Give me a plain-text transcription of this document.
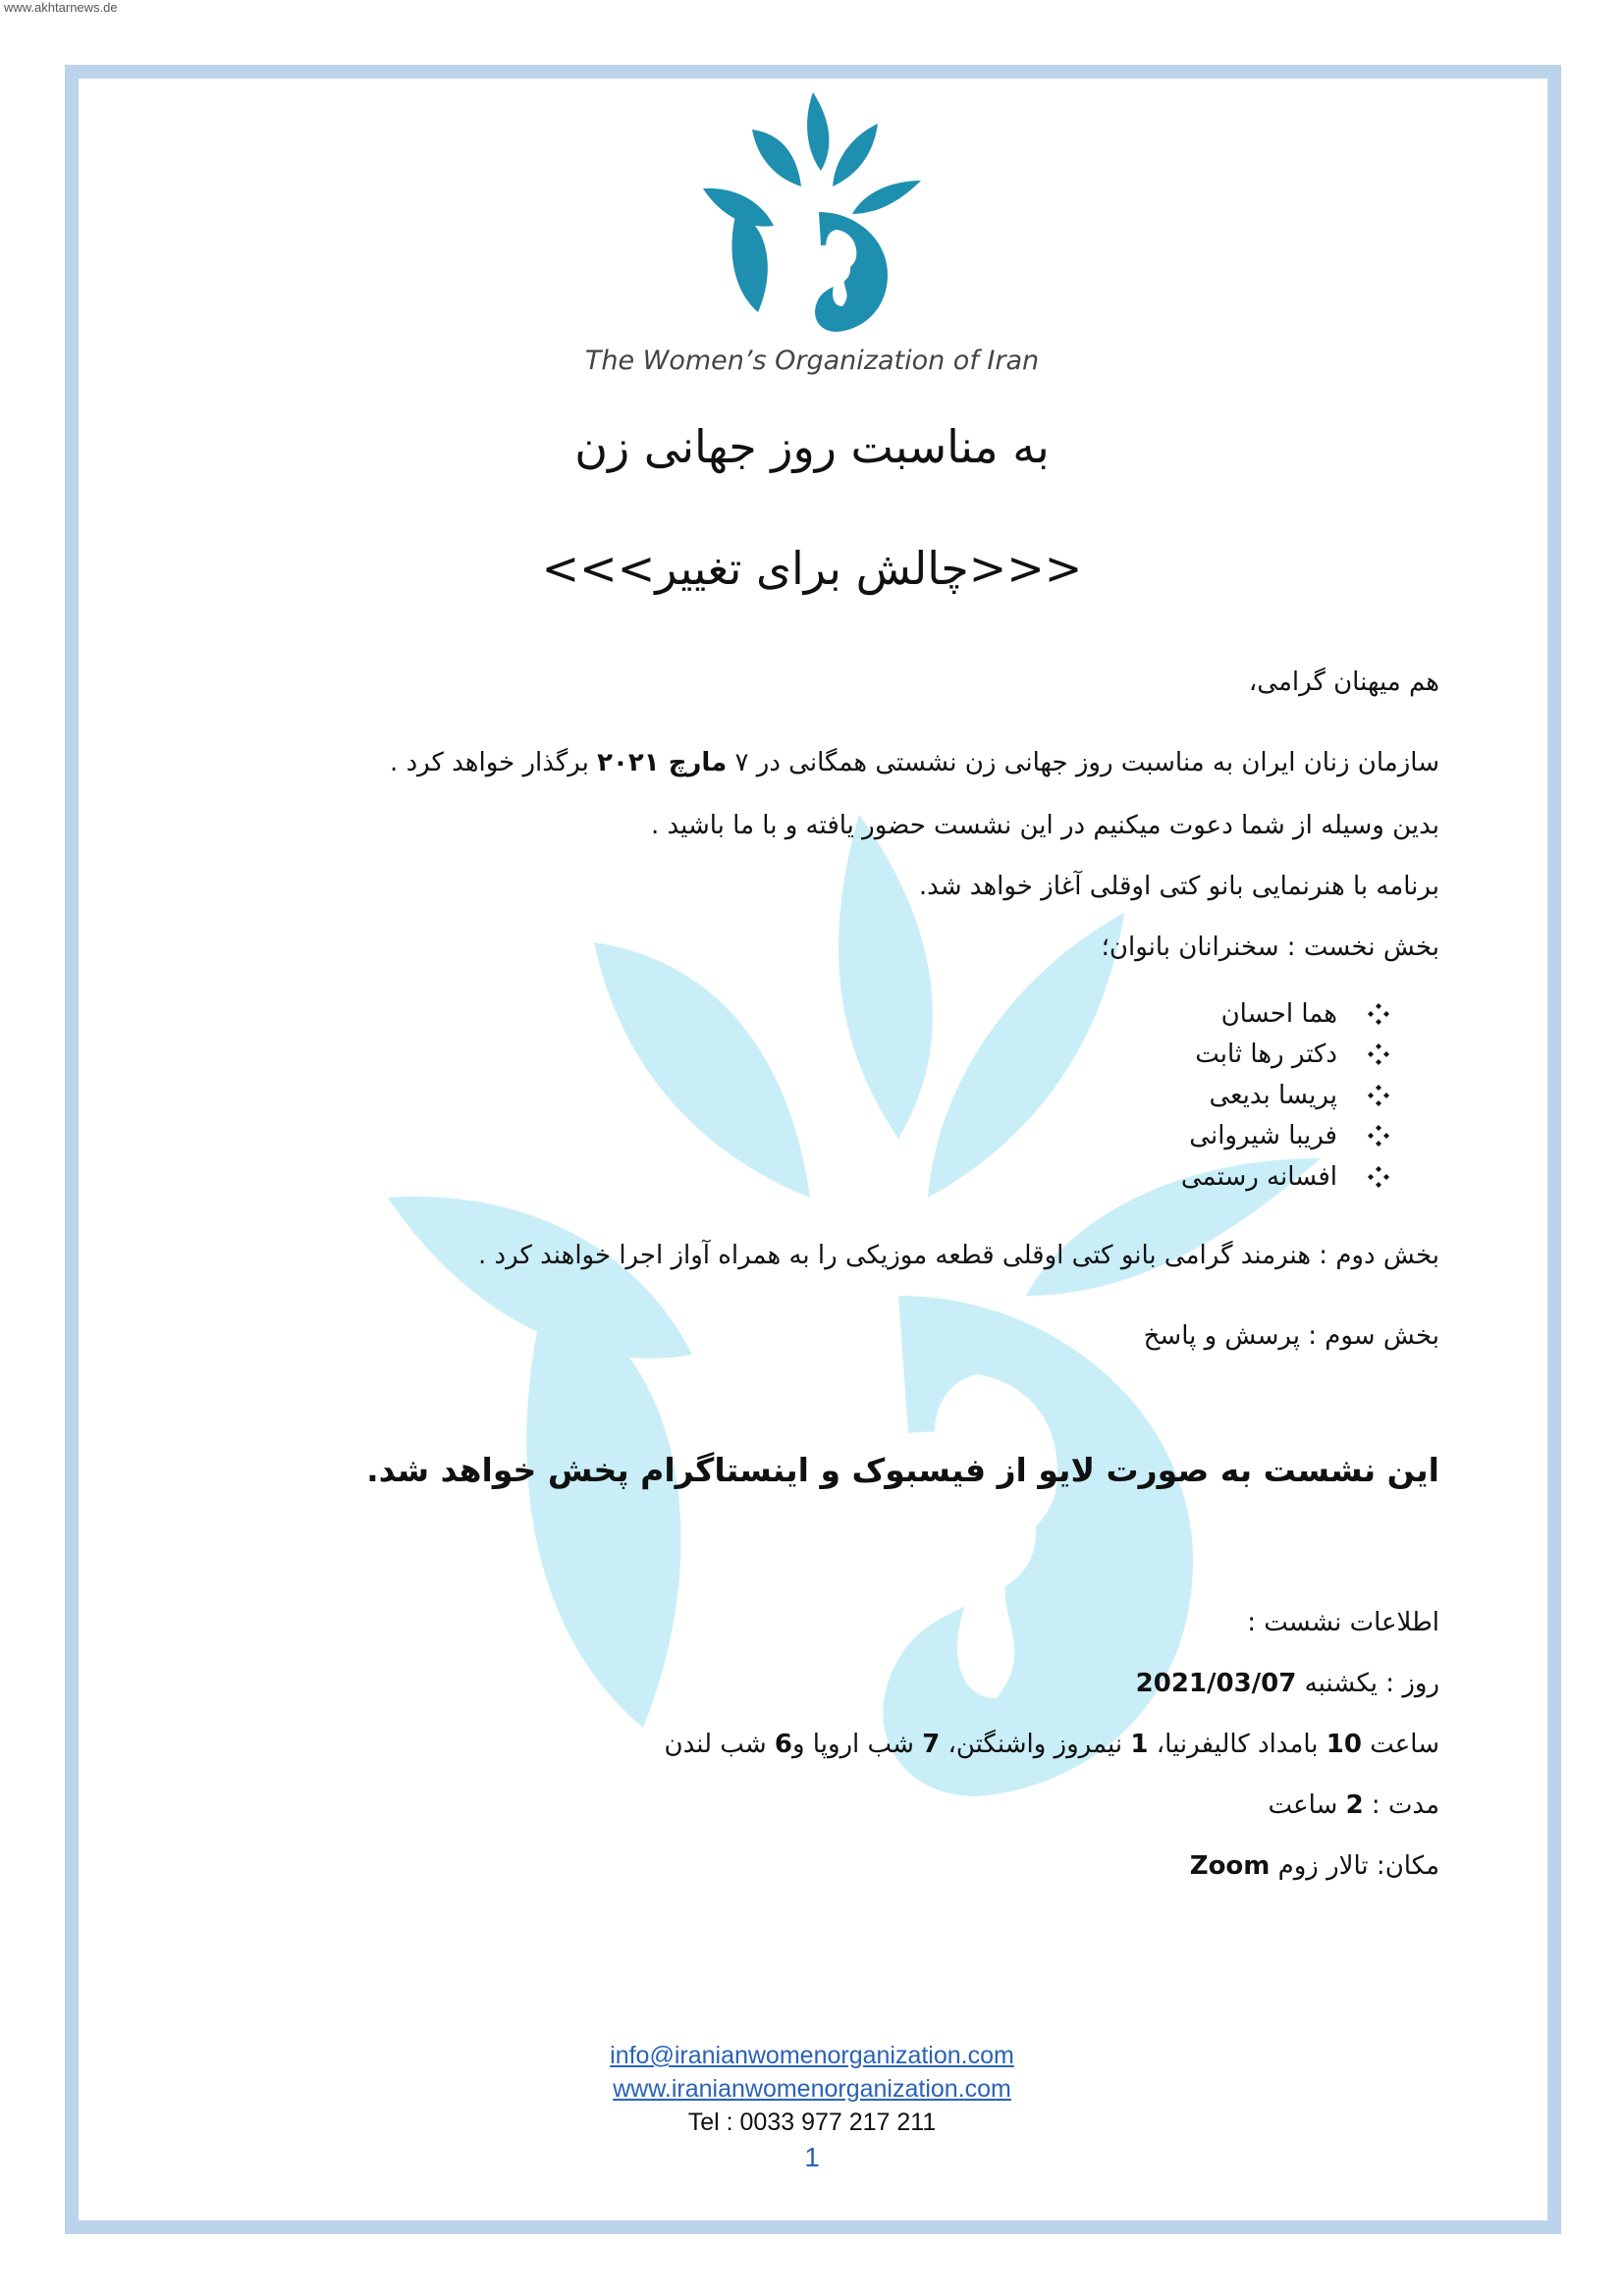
www.akhtarnews.de
The Women’s Organization of Iran
به مناسبت روز جهانی زن
<<<چالش برای تغییر>>>
هم میهنان گرامی،
سازمان زنان ایران به مناسبت روز جهانی زن نشستی همگانی در ۷ مارچ ۲۰۲۱ برگذار خواهد کرد .
بدین وسیله از شما دعوت میکنیم در این نشست حضور یافته و با ما باشید .
برنامه با هنرنمایی بانو کتی اوقلی آغاز خواهد شد.
بخش نخست : سخنرانان بانوان؛
هما احسان
دکتر رها ثابت
پریسا بدیعی
فریبا شیروانی
افسانه رستمی
بخش دوم : هنرمند گرامی بانو کتی اوقلی قطعه موزیکی را به همراه آواز اجرا خواهند کرد .
بخش سوم : پرسش و پاسخ
این نشست به صورت لایو از فیسبوک و اینستاگرام پخش خواهد شد.
اطلاعات نشست :
روز : یکشنبه 2021/03/07
ساعت 10 بامداد کالیفرنیا، 1 نیمروز واشنگتن، 7 شب اروپا و6 شب لندن
مدت : 2 ساعت
مکان: تالار زوم Zoom
info@iranianwomenorganization.com
www.iranianwomenorganization.com
Tel : 0033 977 217 211
1
